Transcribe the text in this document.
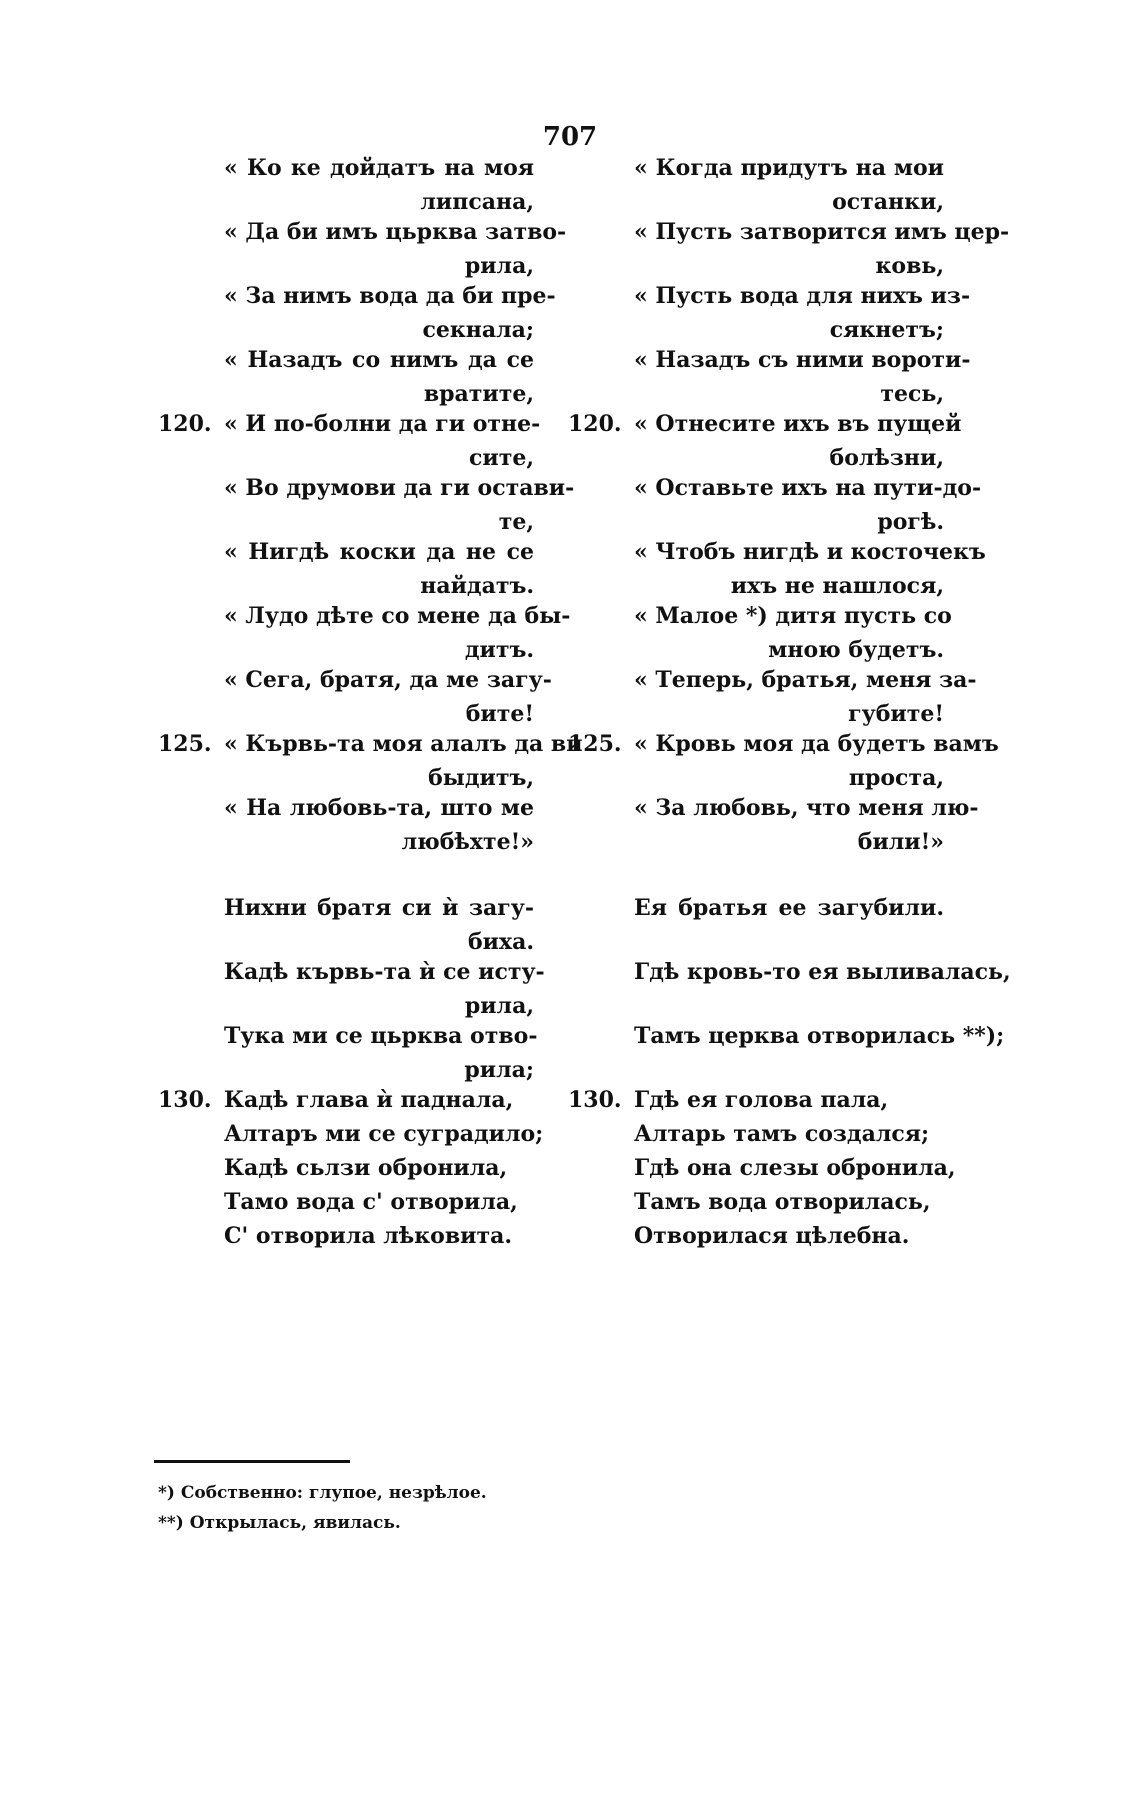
707
« Ко ке дойдатъ на моя
липсана,
« Да би имъ цьрква затво-
рила,
« За нимъ вода да би пре-
секнала;
« Назадъ со нимъ да се
вратите,
120. « И по-болни да ги отне-
сите,
« Во друмови да ги остави-
те,
« Нигдѣ коски да не се
найдатъ.
« Лудо дѣте со мене да бы-
дитъ.
« Сега, братя, да ме загу-
бите!
125. « Кървь-та моя алалъ да ви
быдитъ,
« На любовь-та, што ме
любѣхте!»
Нихни братя си ѝ загу-
биха.
Кадѣ кървь-та ѝ се исту-
рила,
Тука ми се цьрква отво-
рила;
130. Кадѣ глава ѝ паднала,
Алтаръ ми се суградило;
Кадѣ сьлзи обронила,
Тамо вода с' отворила,
С' отворила лѣковита.
« Когда придутъ на мои
останки,
« Пусть затворится имъ цер-
ковь,
« Пусть вода для нихъ из-
сякнетъ;
« Назадъ съ ними вороти-
тесь,
120. « Отнесите ихъ въ пущей
болѣзни,
« Оставьте ихъ на пути-до-
рогѣ.
« Чтобъ нигдѣ и косточекъ
ихъ не нашлося,
« Малое *) дитя пусть со
мною будетъ.
« Теперь, братья, меня за-
губите!
125. « Кровь моя да будетъ вамъ
проста,
« За любовь, что меня лю-
били!»
Ея братья ее загубили.
Гдѣ кровь-то ея выливалась,
Тамъ церква отворилась **);
130. Гдѣ ея голова пала,
Алтарь тамъ создался;
Гдѣ она слезы обронила,
Тамъ вода отворилась,
Отворилася цѣлебна.
*) Собственно: глупое, незрѣлое.
**) Открылась, явилась.
